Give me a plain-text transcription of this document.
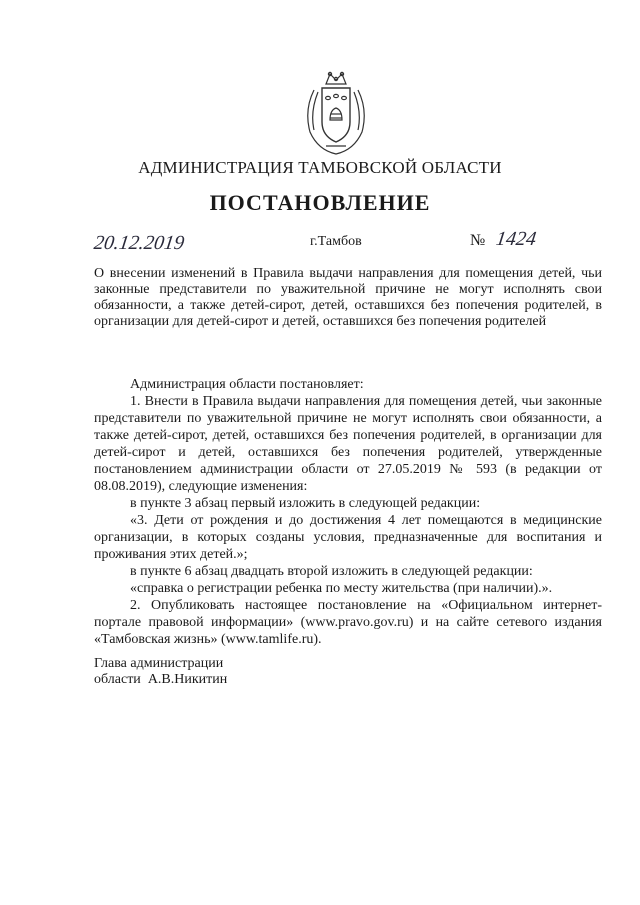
АДМИНИСТРАЦИЯ ТАМБОВСКОЙ ОБЛАСТИ
ПОСТАНОВЛЕНИЕ
20.12.2019	г.Тамбов	№ 1424
О внесении изменений в Правила выдачи направления для помещения детей, чьи законные представители по уважительной причине не могут исполнять свои обязанности, а также детей-сирот, детей, оставшихся без попечения родителей, в организации для детей-сирот и детей, оставшихся без попечения родителей

Администрация области постановляет:

1. Внести в Правила выдачи направления для помещения детей, чьи законные представители по уважительной причине не могут исполнять свои обязанности, а также детей-сирот, детей, оставшихся без попечения родителей, в организации для детей-сирот и детей, оставшихся без попечения родителей, утвержденные постановлением администрации области от 27.05.2019 № 593 (в редакции от 08.08.2019), следующие изменения:

в пункте 3 абзац первый изложить в следующей редакции:

«3. Дети от рождения и до достижения 4 лет помещаются в медицинские организации, в которых созданы условия, предназначенные для воспитания и проживания этих детей.»;

в пункте 6 абзац двадцать второй изложить в следующей редакции:

«справка о регистрации ребенка по месту жительства (при наличии).».

2. Опубликовать настоящее постановление на «Официальном интернет-портале правовой информации» (www.pravo.gov.ru) и на сайте сетевого издания «Тамбовская жизнь» (www.tamlife.ru).

Глава администрации
области А.В.Никитин
